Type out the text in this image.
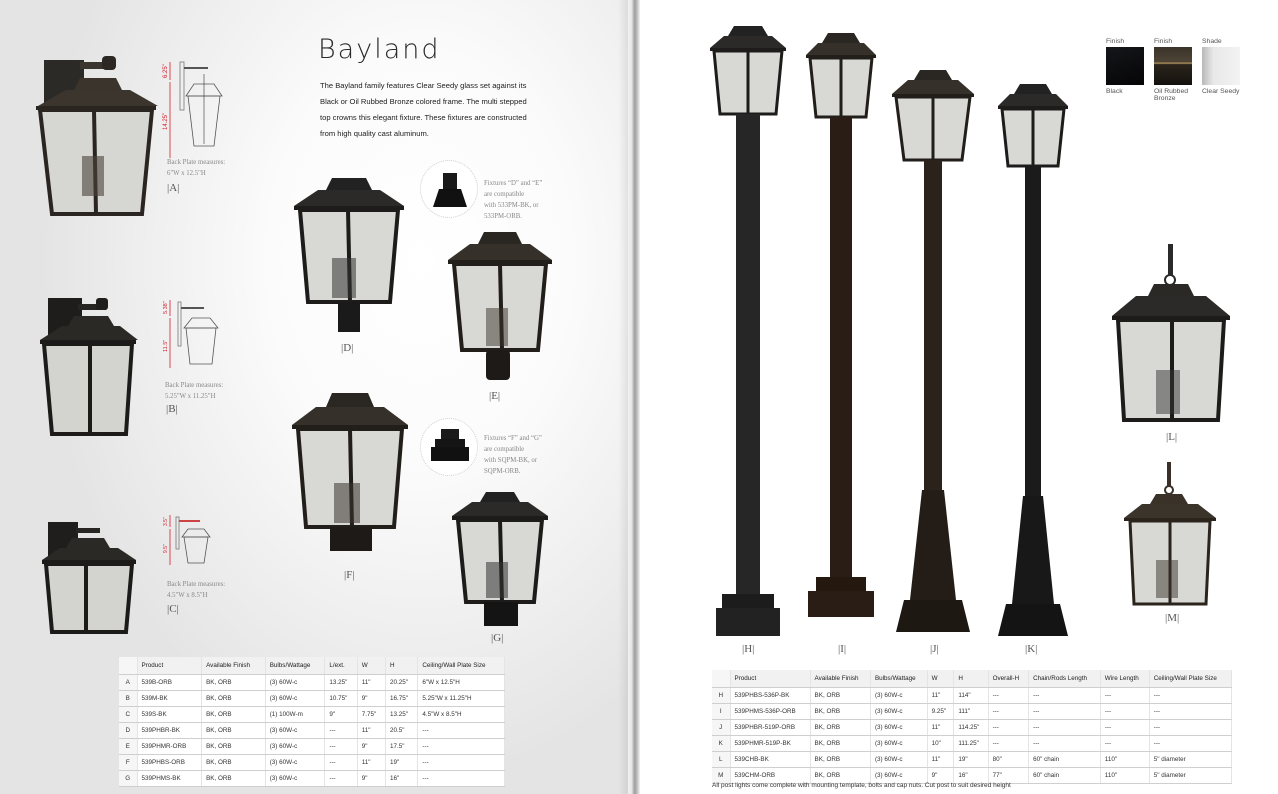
Bayland
The Bayland family features Clear Seedy glass set against its Black or Oil Rubbed Bronze colored frame. The multi stepped top crowns this elegant fixture. These fixtures are constructed from high quality cast aluminum.
6.25"
14.25"
Back Plate measures:
6"W x 12.5"H
|A|
5.38"
11.5"
Back Plate measures:
5.25"W x 11.25"H
|B|
3.5"
9.5"
Back Plate measures:
4.5"W x 8.5"H
|C|
|D|
Fixtures “D” and “E”
are compatible
with 533PM-BK, or
533PM-ORB.
|E|
|F|
Fixtures “F” and “G”
are compatible
with SQPM-BK, or
SQPM-ORB.
|G|
	Product	Available Finish	Bulbs/Wattage	L/ext.	W	H	Ceiling/Wall Plate Size
A	539B-ORB	BK, ORB	(3) 60W-c	13.25"	11"	20.25"	6"W x 12.5"H
B	539M-BK	BK, ORB	(3) 60W-c	10.75"	9"	16.75"	5.25"W x 11.25"H
C	539S-BK	BK, ORB	(1) 100W-m	9"	7.75"	13.25"	4.5"W x 8.5"H
D	539PHBR-BK	BK, ORB	(3) 60W-c	---	11"	20.5"	---
E	539PHMR-ORB	BK, ORB	(3) 60W-c	---	9"	17.5"	---
F	539PHBS-ORB	BK, ORB	(3) 60W-c	---	11"	19"	---
G	539PHMS-BK	BK, ORB	(3) 60W-c	---	9"	16"	---
|H|	|I|	|J|	|K|
Finish
Black
Finish
Oil Rubbed Bronze
Shade
Clear Seedy
|L|
|M|
	Product	Available Finish	Bulbs/Wattage	W	H	Overall-H	Chain/Rods Length	Wire Length	Ceiling/Wall Plate Size
H	539PHBS-536P-BK	BK, ORB	(3) 60W-c	11"	114"	---	---	---	---
I	539PHMS-536P-ORB	BK, ORB	(3) 60W-c	9.25"	111"	---	---	---	---
J	539PHBR-519P-ORB	BK, ORB	(3) 60W-c	11"	114.25"	---	---	---	---
K	539PHMR-519P-BK	BK, ORB	(3) 60W-c	10"	111.25"	---	---	---	---
L	539CHB-BK	BK, ORB	(3) 60W-c	11"	19"	80"	60" chain	110"	5" diameter
M	539CHM-ORB	BK, ORB	(3) 60W-c	9"	16"	77"	60" chain	110"	5" diameter
All post lights come complete with mounting template, bolts and cap nuts. Cut post to suit desired height
